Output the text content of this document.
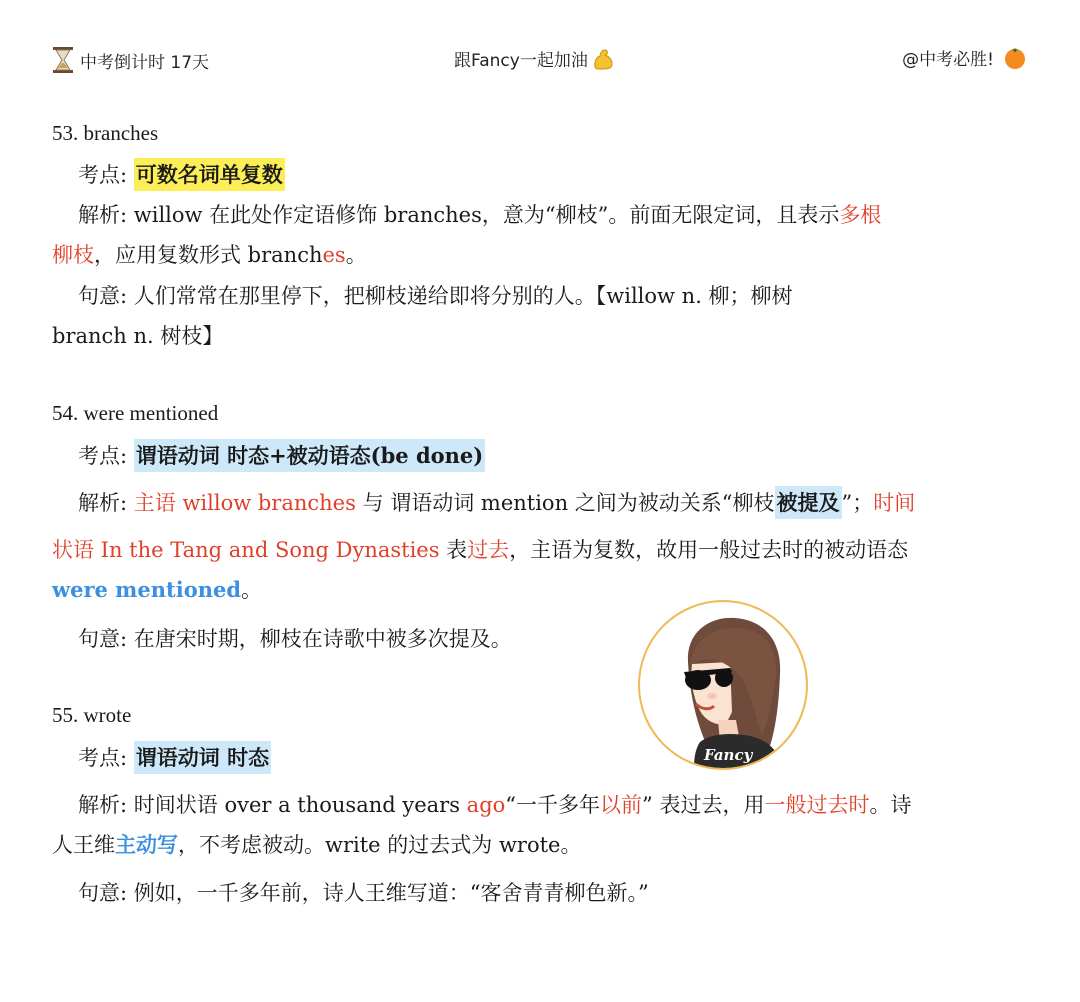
中考倒计时 17天	跟Fancy一起加油	@中考必胜!
53. branches
考点: 可数名词单复数
解析: willow 在此处作定语修饰 branches，意为“柳枝”。前面无限定词，且表示多根
柳枝，应用复数形式 branches。
句意: 人们常常在那里停下，把柳枝递给即将分别的人。【willow n. 柳；柳树
branch n. 树枝】
54. were mentioned
考点: 谓语动词 时态+被动语态(be done)
解析: 主语 willow branches 与 谓语动词 mention 之间为被动关系“柳枝被提及”；时间
状语 In the Tang and Song Dynasties 表过去，主语为复数，故用一般过去时的被动语态
were mentioned。
句意: 在唐宋时期，柳枝在诗歌中被多次提及。
55. wrote
考点: 谓语动词 时态
解析: 时间状语 over a thousand years ago“一千多年以前” 表过去，用一般过去时。诗
人王维主动写，不考虑被动。write 的过去式为 wrote。
句意: 例如，一千多年前，诗人王维写道：“客舍青青柳色新。”
Fancy
